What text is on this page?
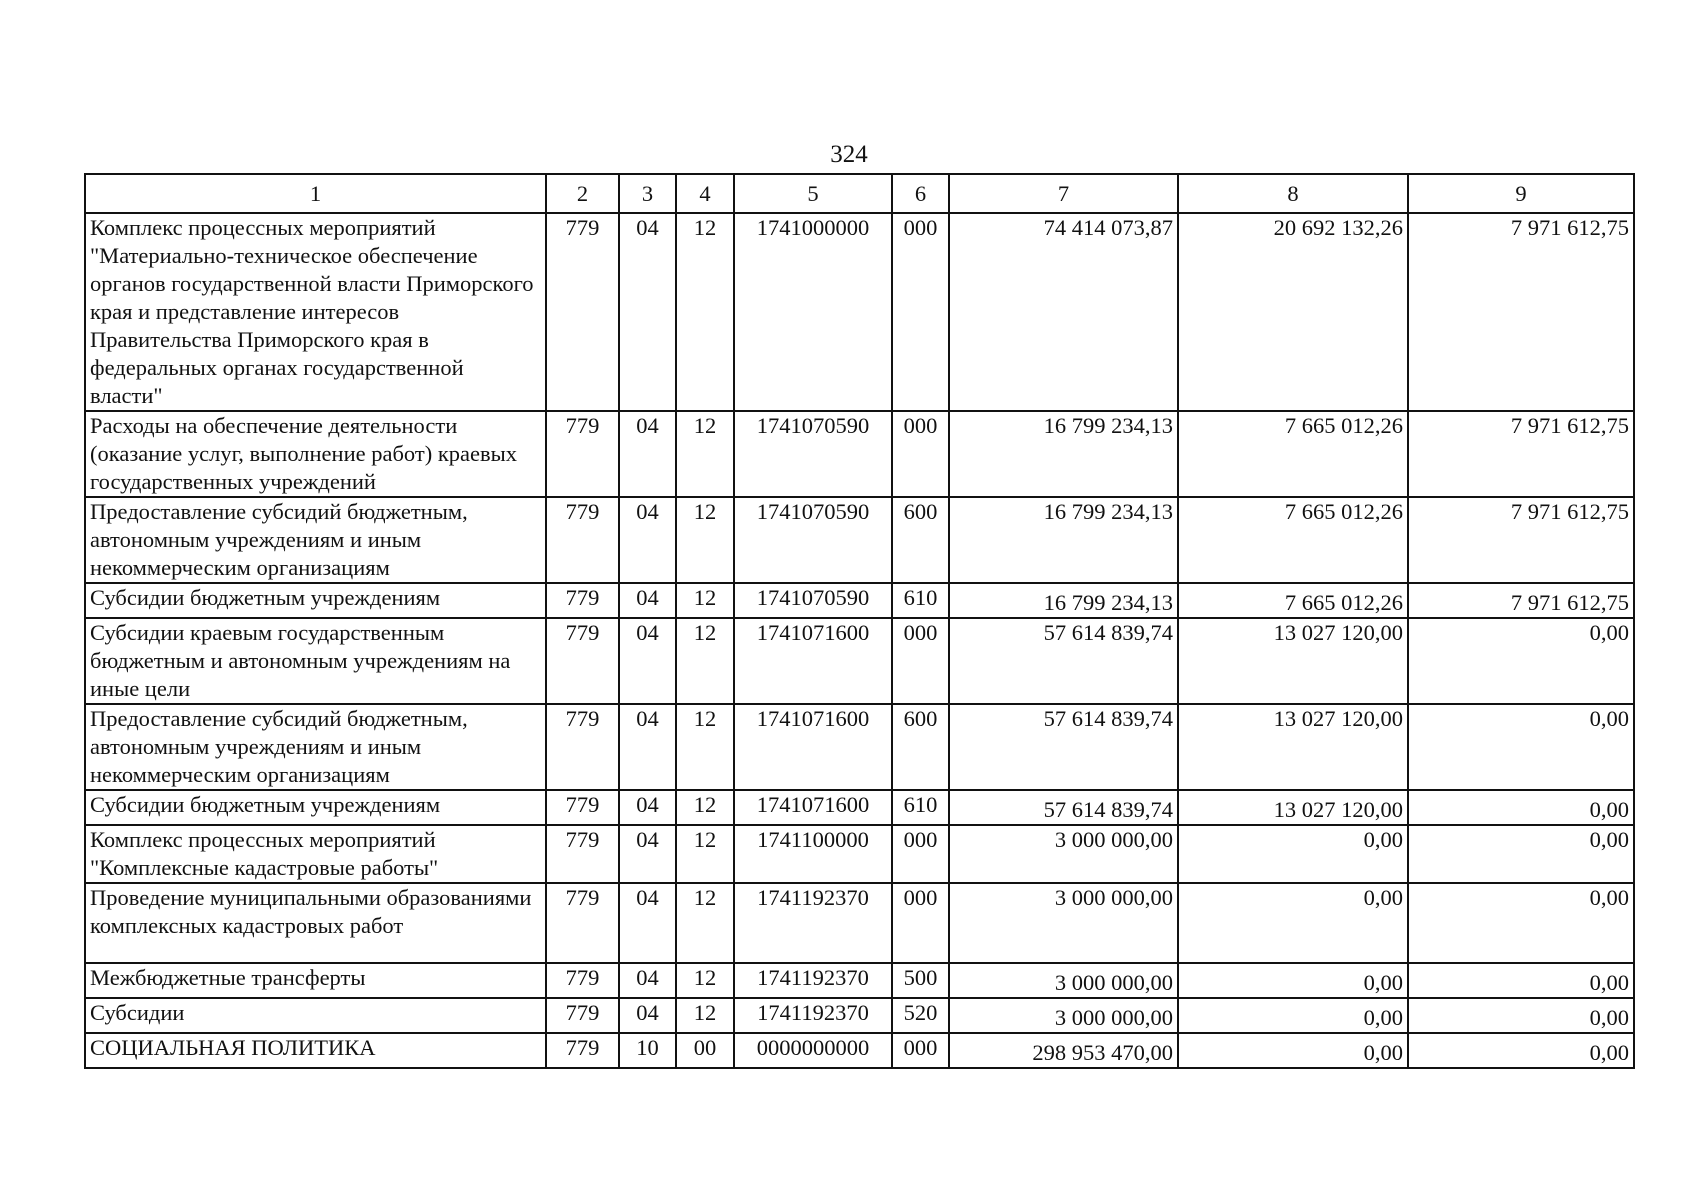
324
1	2	3	4	5	6	7	8	9
Комплекс процессных мероприятий "Материально-техническое обеспечение органов государственной власти Приморского края и представление интересов Правительства Приморского края в федеральных органах государственной власти"	779	04	12	1741000000	000	74 414 073,87	20 692 132,26	7 971 612,75
Расходы на обеспечение деятельности (оказание услуг, выполнение работ) краевых государственных учреждений	779	04	12	1741070590	000	16 799 234,13	7 665 012,26	7 971 612,75
Предоставление субсидий бюджетным, автономным учреждениям и иным некоммерческим организациям	779	04	12	1741070590	600	16 799 234,13	7 665 012,26	7 971 612,75
Субсидии бюджетным учреждениям	779	04	12	1741070590	610	16 799 234,13	7 665 012,26	7 971 612,75
Субсидии краевым государственным бюджетным и автономным учреждениям на иные цели	779	04	12	1741071600	000	57 614 839,74	13 027 120,00	0,00
Предоставление субсидий бюджетным, автономным учреждениям и иным некоммерческим организациям	779	04	12	1741071600	600	57 614 839,74	13 027 120,00	0,00
Субсидии бюджетным учреждениям	779	04	12	1741071600	610	57 614 839,74	13 027 120,00	0,00
Комплекс процессных мероприятий "Комплексные кадастровые работы"	779	04	12	1741100000	000	3 000 000,00	0,00	0,00
Проведение муниципальными образованиями комплексных кадастровых работ	779	04	12	1741192370	000	3 000 000,00	0,00	0,00
Межбюджетные трансферты	779	04	12	1741192370	500	3 000 000,00	0,00	0,00
Субсидии	779	04	12	1741192370	520	3 000 000,00	0,00	0,00
СОЦИАЛЬНАЯ ПОЛИТИКА	779	10	00	0000000000	000	298 953 470,00	0,00	0,00
